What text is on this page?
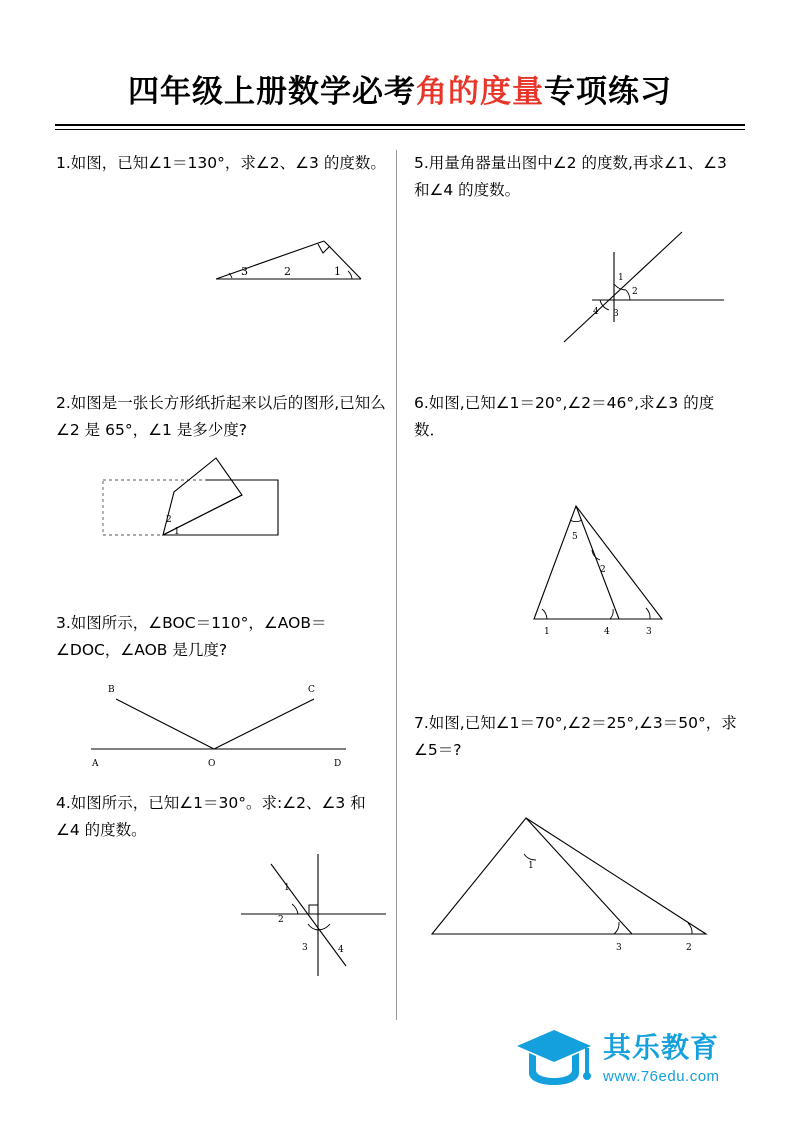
四年级上册数学必考角的度量专项练习
1.如图，已知∠1＝130°，求∠2、∠3 的度数。
3	2	1
2.如图是一张长方形纸折起来以后的图形,已知么∠2 是 65°，∠1 是多少度?
2
1
3.如图所示，∠BOC＝110°，∠AOB＝∠DOC，∠AOB 是几度?
B	C
A	O	D
4.如图所示，已知∠1＝30°。求:∠2、∠3 和∠4 的度数。
1
2
3	4
5.用量角器量出图中∠2 的度数,再求∠1、∠3 和∠4 的度数。
1
2
3
4
6.如图,已知∠1＝20°,∠2＝46°,求∠3 的度数．
5
2
1	4	3
7.如图,已知∠1＝70°,∠2＝25°,∠3＝50°，求∠5＝?
1
3	2
其乐教育
www.76edu.com
